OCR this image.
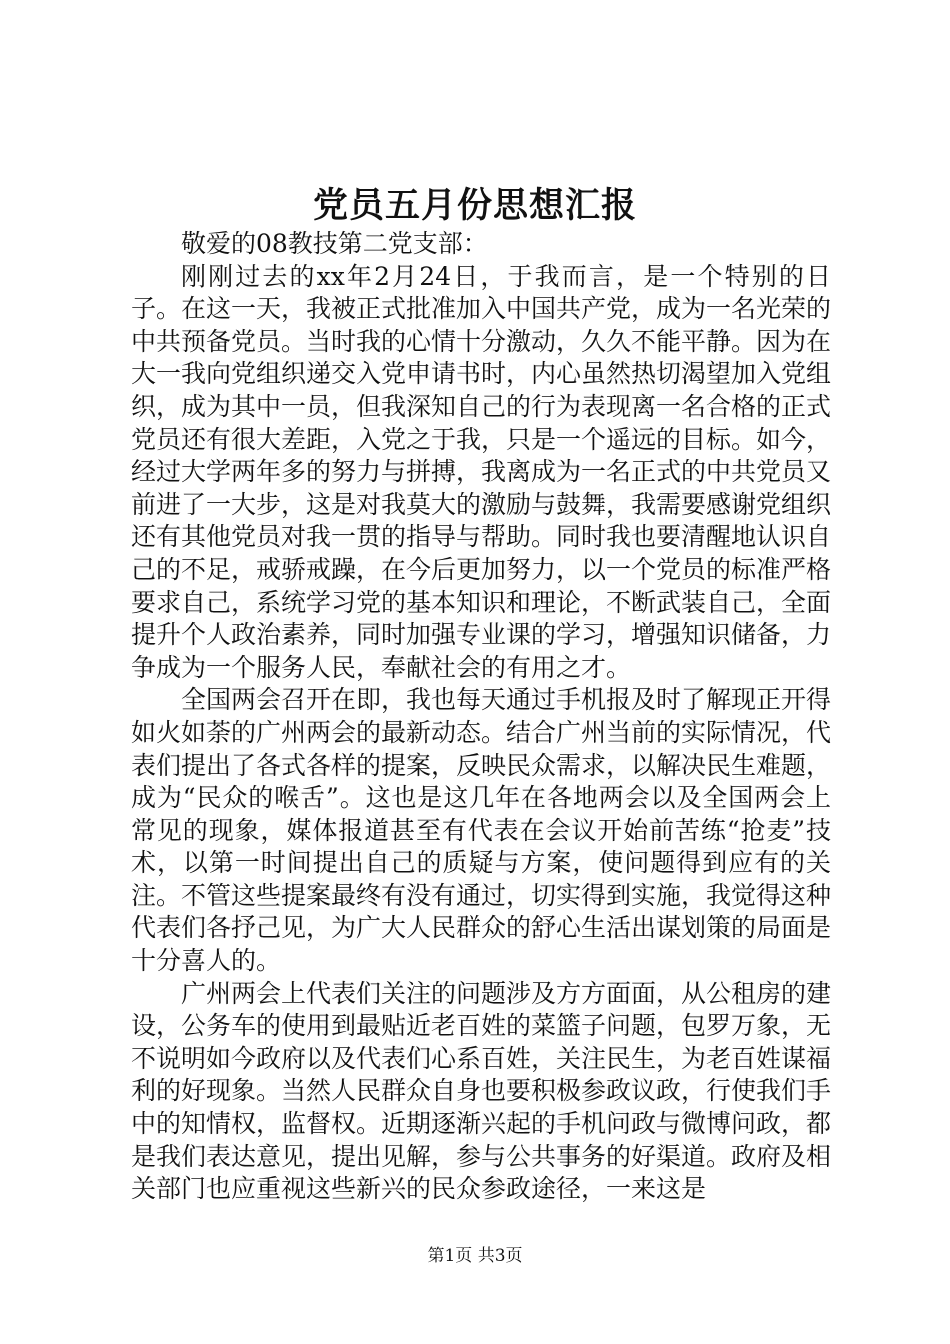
党员五月份思想汇报

敬爱的08教技第二党支部：

刚刚过去的xx年2月24日，于我而言，是一个特别的日子。在这一天，我被正式批准加入中国共产党，成为一名光荣的中共预备党员。当时我的心情十分激动，久久不能平静。因为在大一我向党组织递交入党申请书时，内心虽然热切渴望加入党组织，成为其中一员，但我深知自己的行为表现离一名合格的正式党员还有很大差距，入党之于我，只是一个遥远的目标。如今，经过大学两年多的努力与拼搏，我离成为一名正式的中共党员又前进了一大步，这是对我莫大的激励与鼓舞，我需要感谢党组织还有其他党员对我一贯的指导与帮助。同时我也要清醒地认识自己的不足，戒骄戒躁，在今后更加努力，以一个党员的标准严格要求自己，系统学习党的基本知识和理论，不断武装自己，全面提升个人政治素养，同时加强专业课的学习，增强知识储备，力争成为一个服务人民，奉献社会的有用之才。

全国两会召开在即，我也每天通过手机报及时了解现正开得如火如荼的广州两会的最新动态。结合广州当前的实际情况，代表们提出了各式各样的提案，反映民众需求，以解决民生难题，成为“民众的喉舌”。这也是这几年在各地两会以及全国两会上常见的现象，媒体报道甚至有代表在会议开始前苦练“抢麦”技术，以第一时间提出自己的质疑与方案，使问题得到应有的关注。不管这些提案最终有没有通过，切实得到实施，我觉得这种代表们各抒己见，为广大人民群众的舒心生活出谋划策的局面是十分喜人的。

广州两会上代表们关注的问题涉及方方面面，从公租房的建设，公务车的使用到最贴近老百姓的菜篮子问题，包罗万象，无不说明如今政府以及代表们心系百姓，关注民生，为老百姓谋福利的好现象。当然人民群众自身也要积极参政议政，行使我们手中的知情权，监督权。近期逐渐兴起的手机问政与微博问政，都是我们表达意见，提出见解，参与公共事务的好渠道。政府及相关部门也应重视这些新兴的民众参政途径，一来这是

第1页 共3页
